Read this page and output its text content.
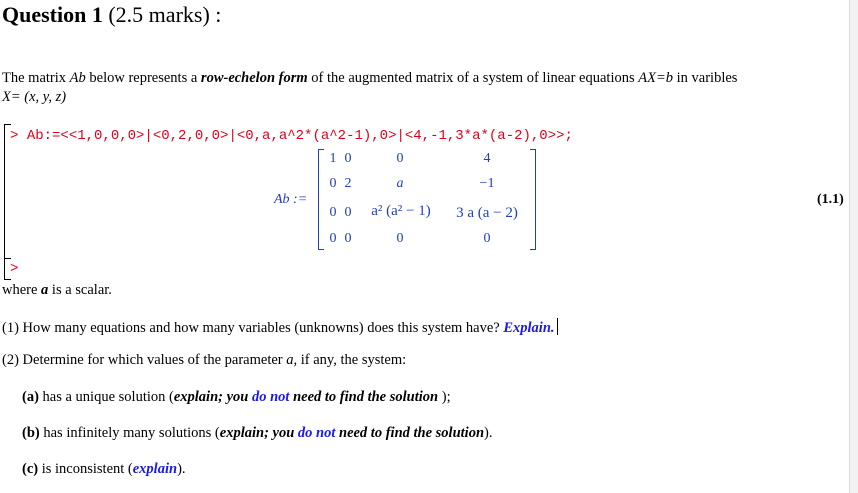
Question 1 (2.5 marks) :
The matrix Ab below represents a row-echelon form of the augmented matrix of a system of linear equations AX=b in varibles
X= (x, y, z)
> Ab:=<<1,0,0,0>|<0,2,0,0>|<0,a,a^2*(a^2-1),0>|<4,-1,3*a*(a-2),0>>;
Ab :=
1 0	0	4
0 2	a	−1
0 0	a² (a² − 1)	3 a (a − 2)
0 0	0	0
(1.1)
>
where a is a scalar.
(1) How many equations and how many variables (unknowns) does this system have? Explain.
(2) Determine for which values of the parameter a, if any, the system:
(a) has a unique solution (explain; you do not need to find the solution );
(b) has infinitely many solutions (explain; you do not need to find the solution).
(c) is inconsistent (explain).
